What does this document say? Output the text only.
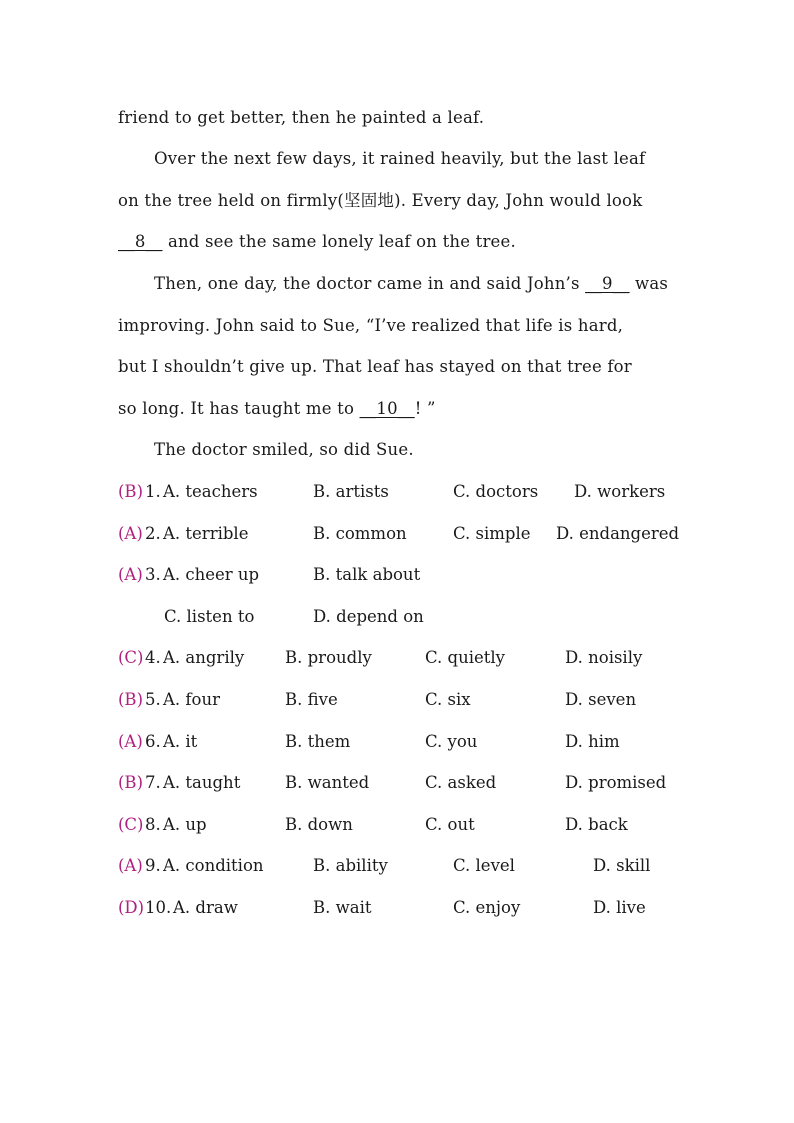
friend to get better, then he painted a leaf.
Over the next few days, it rained heavily, but the last leaf
on the tree held on firmly(坚固地). Every day, John would look
__8__ and see the same lonely leaf on the tree.
Then, one day, the doctor came in and said John’s __9__ was
improving. John said to Sue, “I’ve realized that life is hard,
but I shouldn’t give up. That leaf has stayed on that tree for
so long. It has taught me to __10__! ”
The doctor smiled, so did Sue.
(B) 1. A. teachers	B. artists	C. doctors D. workers
(A) 2. A. terrible	B. common	C. simple D. endangered
(A) 3. A. cheer up	B. talk about
C. listen to	D. depend on
(C) 4. A. angrily B. proudly	C. quietly	D. noisily
(B) 5. A. four	B. five	C. six	D. seven
(A) 6. A. it	B. them	C. you	D. him
(B) 7. A. taught	B. wanted	C. asked	D. promised
(C) 8. A. up	B. down	C. out	D. back
(A) 9. A. condition	B. ability	C. level	D. skill
(D) 10. A. draw	B. wait	C. enjoy	D. live
